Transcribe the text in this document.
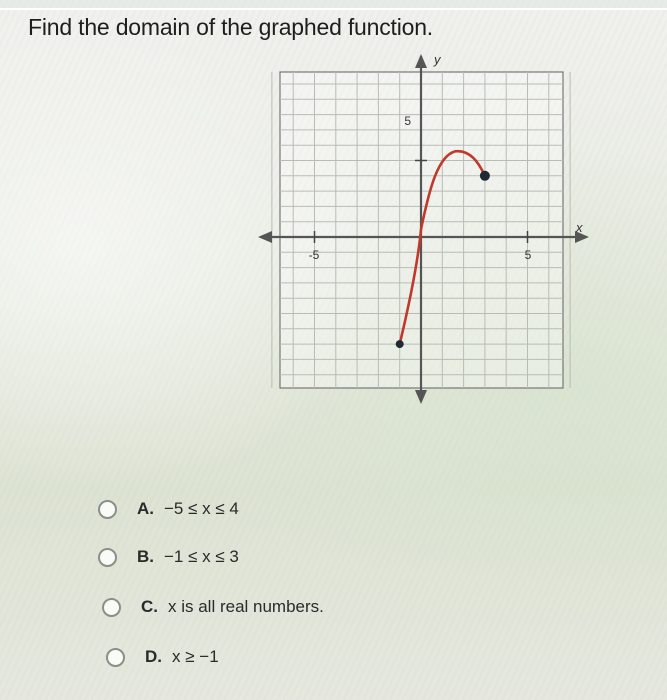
Find the domain of the graphed function.
y
x
-5	5
5
A. −5 ≤ x ≤ 4
B. −1 ≤ x ≤ 3
C. x is all real numbers.
D. x ≥ −1
